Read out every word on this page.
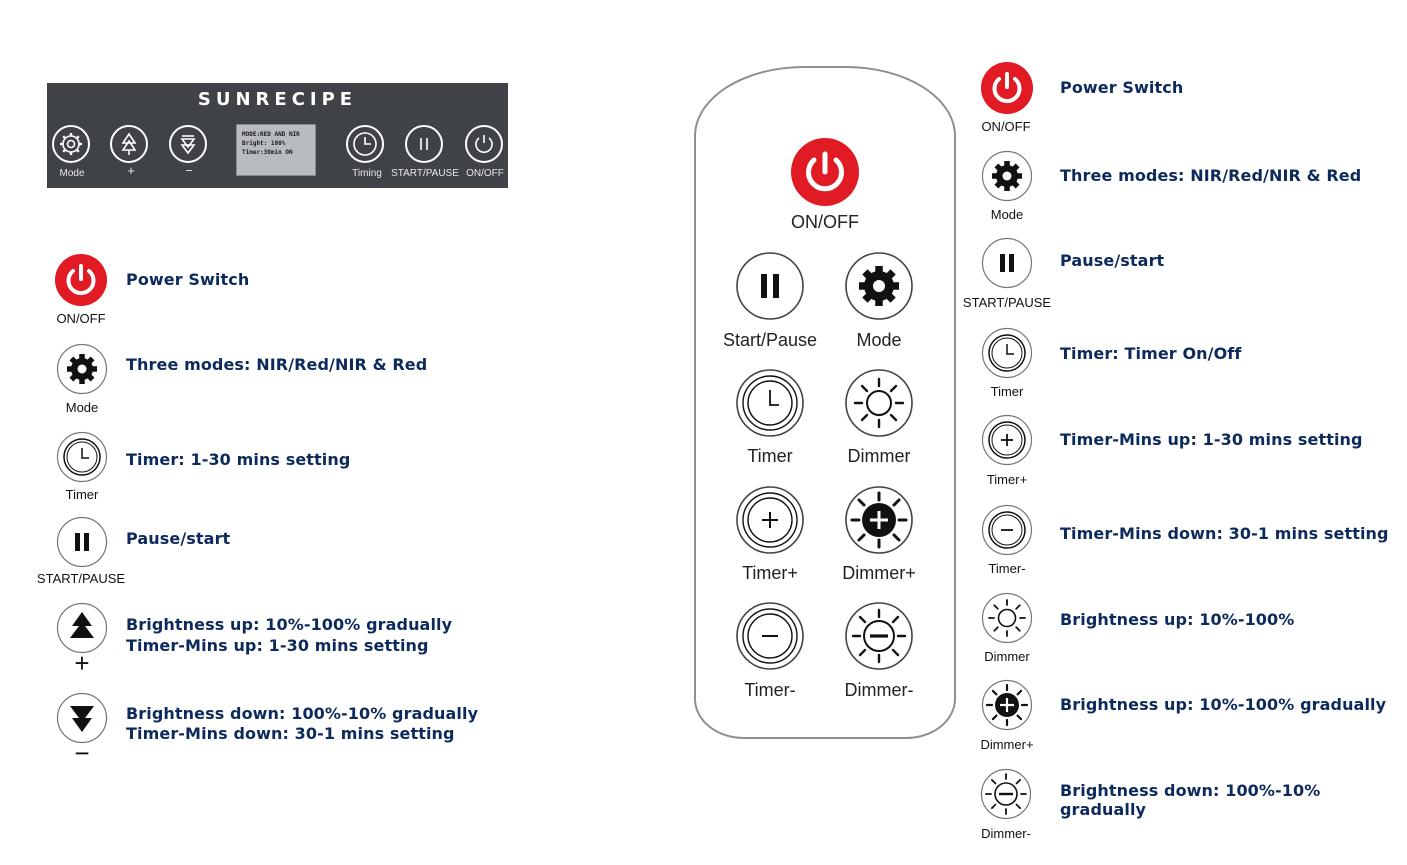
SUNRECIPE
Mode	+	−
MODE:RED AND NIR
Bright: 100%
Timer:30min ON
Timing START/PAUSE ON/OFF
ON/OFF
Power Switch
Mode
Three modes: NIR/Red/NIR & Red
Timer
Timer: 1-30 mins setting
START/PAUSE
Pause/start
+
Brightness up: 10%-100% gradually
Timer-Mins up: 1-30 mins setting
−
Brightness down: 100%-10% gradually
Timer-Mins down: 30-1 mins setting
ON/OFF
Start/Pause Mode
Timer	Dimmer
Timer+ Dimmer+
Timer-	Dimmer-
ON/OFF
Power Switch
Mode
Three modes: NIR/Red/NIR & Red
START/PAUSE
Pause/start
Timer
Timer: Timer On/Off
Timer+
Timer-Mins up: 1-30 mins setting
Timer-
Timer-Mins down: 30-1 mins setting
Dimmer
Brightness up: 10%-100%
Dimmer+
Brightness up: 10%-100% gradually
Dimmer-
Brightness down: 100%-10% gradually
